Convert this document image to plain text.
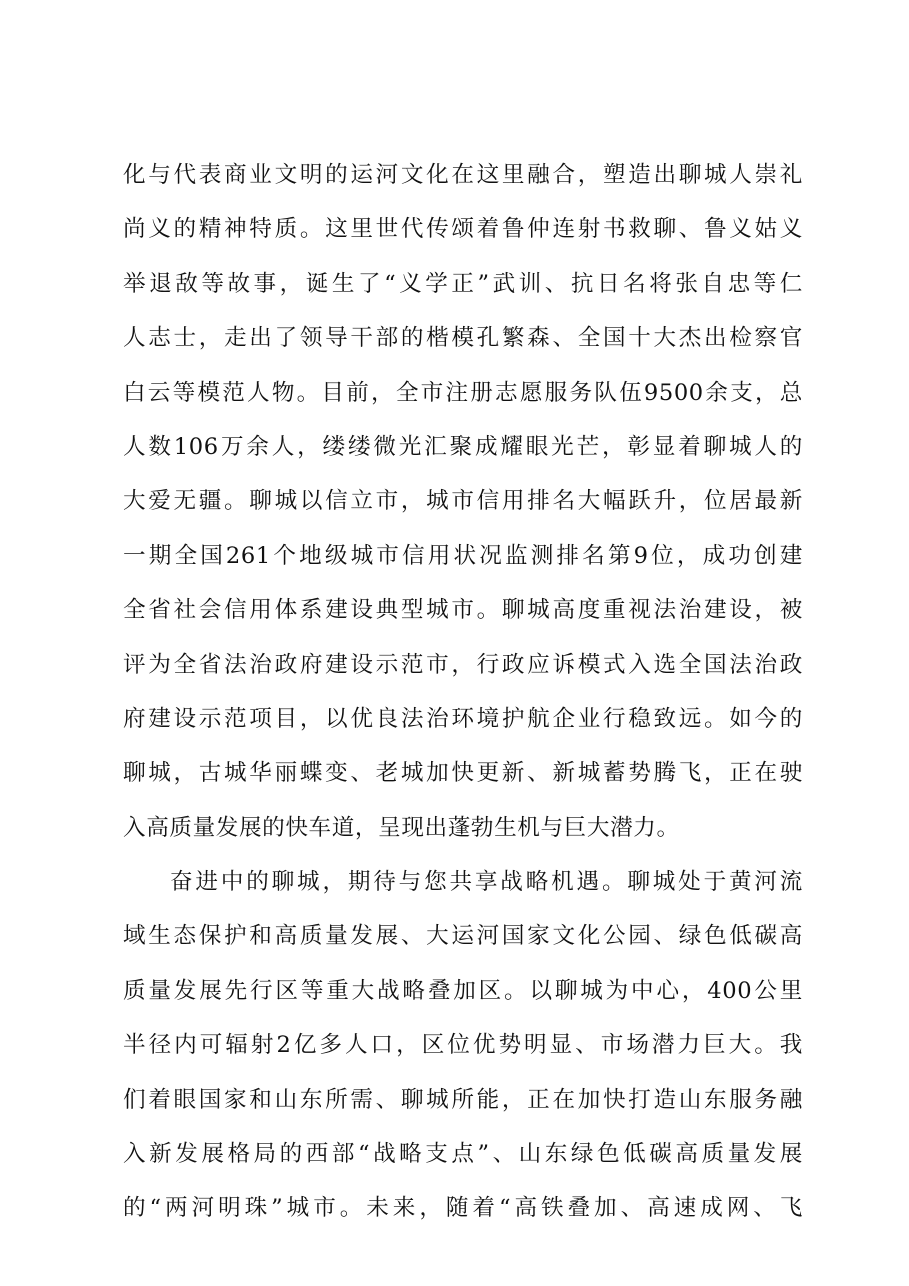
化与代表商业文明的运河文化在这里融合，塑造出聊城人崇礼
尚义的精神特质。这里世代传颂着鲁仲连射书救聊、鲁义姑义
举退敌等故事，诞生了“义学正”武训、抗日名将张自忠等仁
人志士，走出了领导干部的楷模孔繁森、全国十大杰出检察官
白云等模范人物。目前，全市注册志愿服务队伍9500余支，总
人数106万余人，缕缕微光汇聚成耀眼光芒，彰显着聊城人的
大爱无疆。聊城以信立市，城市信用排名大幅跃升，位居最新
一期全国261个地级城市信用状况监测排名第9位，成功创建
全省社会信用体系建设典型城市。聊城高度重视法治建设，被
评为全省法治政府建设示范市，行政应诉模式入选全国法治政
府建设示范项目，以优良法治环境护航企业行稳致远。如今的
聊城，古城华丽蝶变、老城加快更新、新城蓄势腾飞，正在驶
入高质量发展的快车道，呈现出蓬勃生机与巨大潜力。
奋进中的聊城，期待与您共享战略机遇。聊城处于黄河流
域生态保护和高质量发展、大运河国家文化公园、绿色低碳高
质量发展先行区等重大战略叠加区。以聊城为中心，400公里
半径内可辐射2亿多人口，区位优势明显、市场潜力巨大。我
们着眼国家和山东所需、聊城所能，正在加快打造山东服务融
入新发展格局的西部“战略支点”、山东绿色低碳高质量发展
的“两河明珠”城市。未来，随着“高铁叠加、高速成网、飞
